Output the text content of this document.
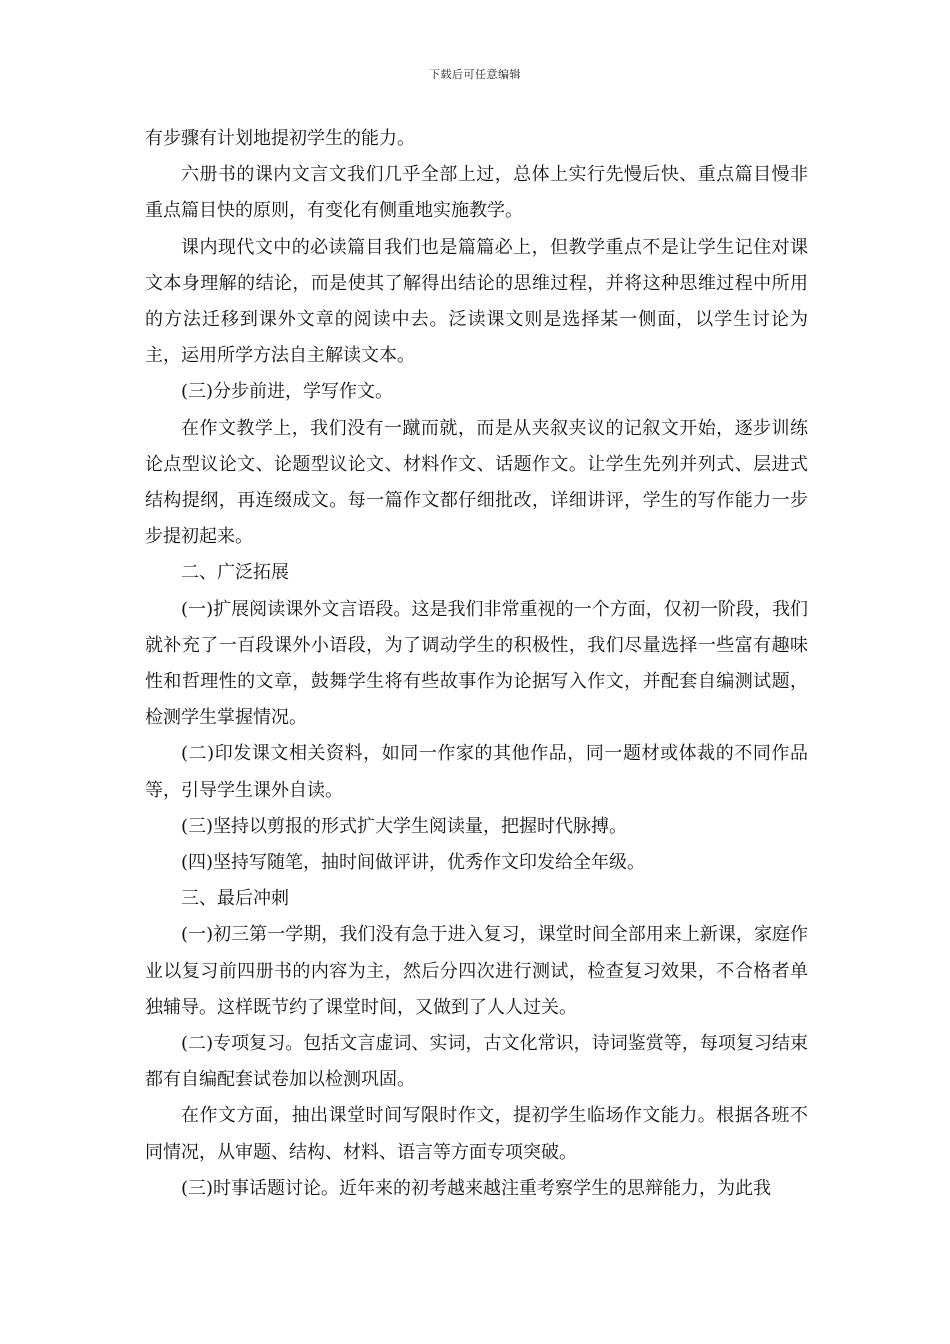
下载后可任意编辑

有步骤有计划地提初学生的能力。

六册书的课内文言文我们几乎全部上过，总体上实行先慢后快、重点篇目慢非重点篇目快的原则，有变化有侧重地实施教学。

课内现代文中的必读篇目我们也是篇篇必上，但教学重点不是让学生记住对课文本身理解的结论，而是使其了解得出结论的思维过程，并将这种思维过程中所用的方法迁移到课外文章的阅读中去。泛读课文则是选择某一侧面，以学生讨论为主，运用所学方法自主解读文本。

(三)分步前进，学写作文。

在作文教学上，我们没有一蹴而就，而是从夹叙夹议的记叙文开始，逐步训练论点型议论文、论题型议论文、材料作文、话题作文。让学生先列并列式、层进式结构提纲，再连缀成文。每一篇作文都仔细批改，详细讲评，学生的写作能力一步步提初起来。

二、广泛拓展

(一)扩展阅读课外文言语段。这是我们非常重视的一个方面，仅初一阶段，我们就补充了一百段课外小语段，为了调动学生的积极性，我们尽量选择一些富有趣味性和哲理性的文章，鼓舞学生将有些故事作为论据写入作文，并配套自编测试题，检测学生掌握情况。

(二)印发课文相关资料，如同一作家的其他作品，同一题材或体裁的不同作品等，引导学生课外自读。

(三)坚持以剪报的形式扩大学生阅读量，把握时代脉搏。

(四)坚持写随笔，抽时间做评讲，优秀作文印发给全年级。

三、最后冲刺

(一)初三第一学期，我们没有急于进入复习，课堂时间全部用来上新课，家庭作业以复习前四册书的内容为主，然后分四次进行测试，检查复习效果，不合格者单独辅导。这样既节约了课堂时间，又做到了人人过关。

(二)专项复习。包括文言虚词、实词，古文化常识，诗词鉴赏等，每项复习结束都有自编配套试卷加以检测巩固。

在作文方面，抽出课堂时间写限时作文，提初学生临场作文能力。根据各班不同情况，从审题、结构、材料、语言等方面专项突破。

(三)时事话题讨论。近年来的初考越来越注重考察学生的思辩能力，为此我
